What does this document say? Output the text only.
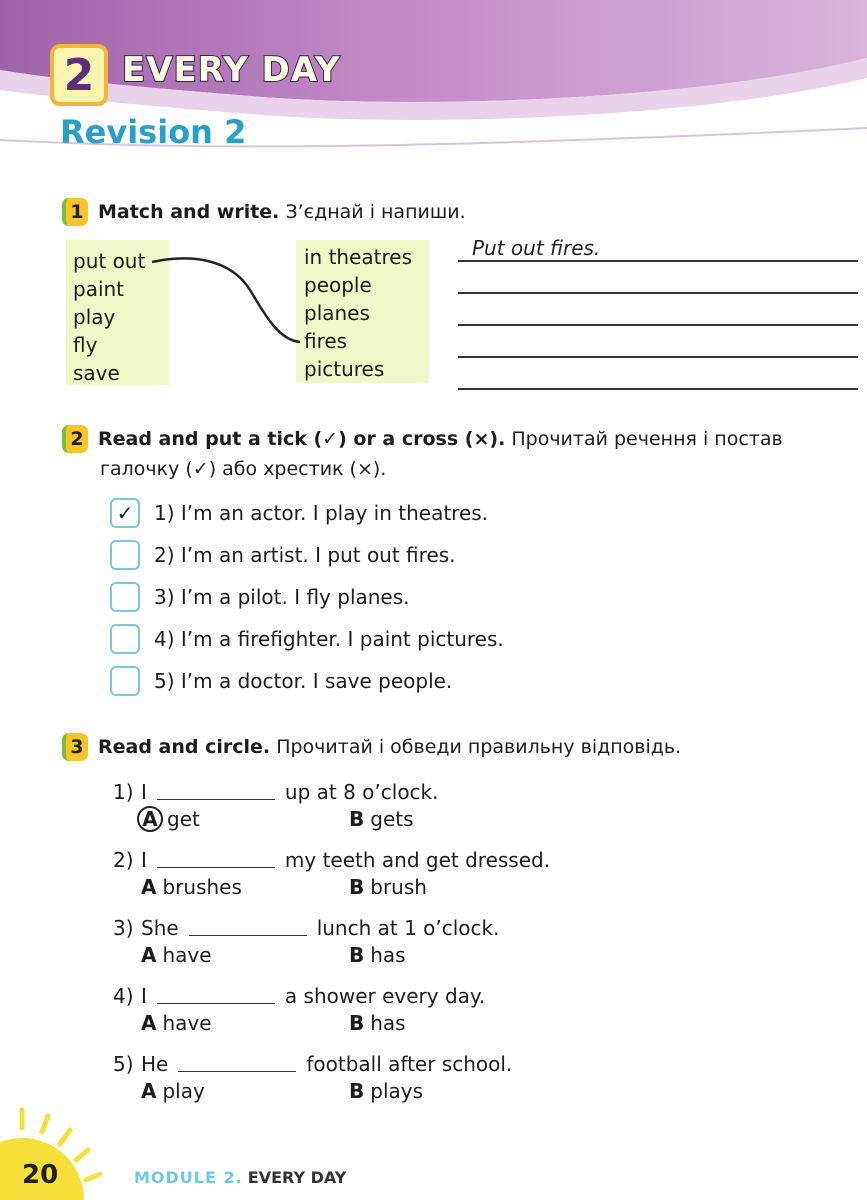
2 EVERY DAY
Revision 2
1 Match and write. З’єднай і напиши.
put out
paint
play
fly
save
in theatres
people
planes
fires
pictures
Put out fires.
2 Read and put a tick (✓) or a cross (×). Прочитай речення і постав
галочку (✓) або хрестик (×).
✓	1) I’m an actor. I play in theatres.
2) I’m an artist. I put out fires.
3) I’m a pilot. I fly planes.
4) I’m a firefighter. I paint pictures.
5) I’m a doctor. I save people.
3 Read and circle. Прочитай і обведи правильну відповідь.
1) I	up at 8 o’clock.
A get	B gets
2) I	my teeth and get dressed.
A brushes	B brush
3) She	lunch at 1 o’clock.
A have	B has
4) I	a shower every day.
A have	B has
5) He	football after school.
A play	B plays
20	MODULE 2. EVERY DAY
